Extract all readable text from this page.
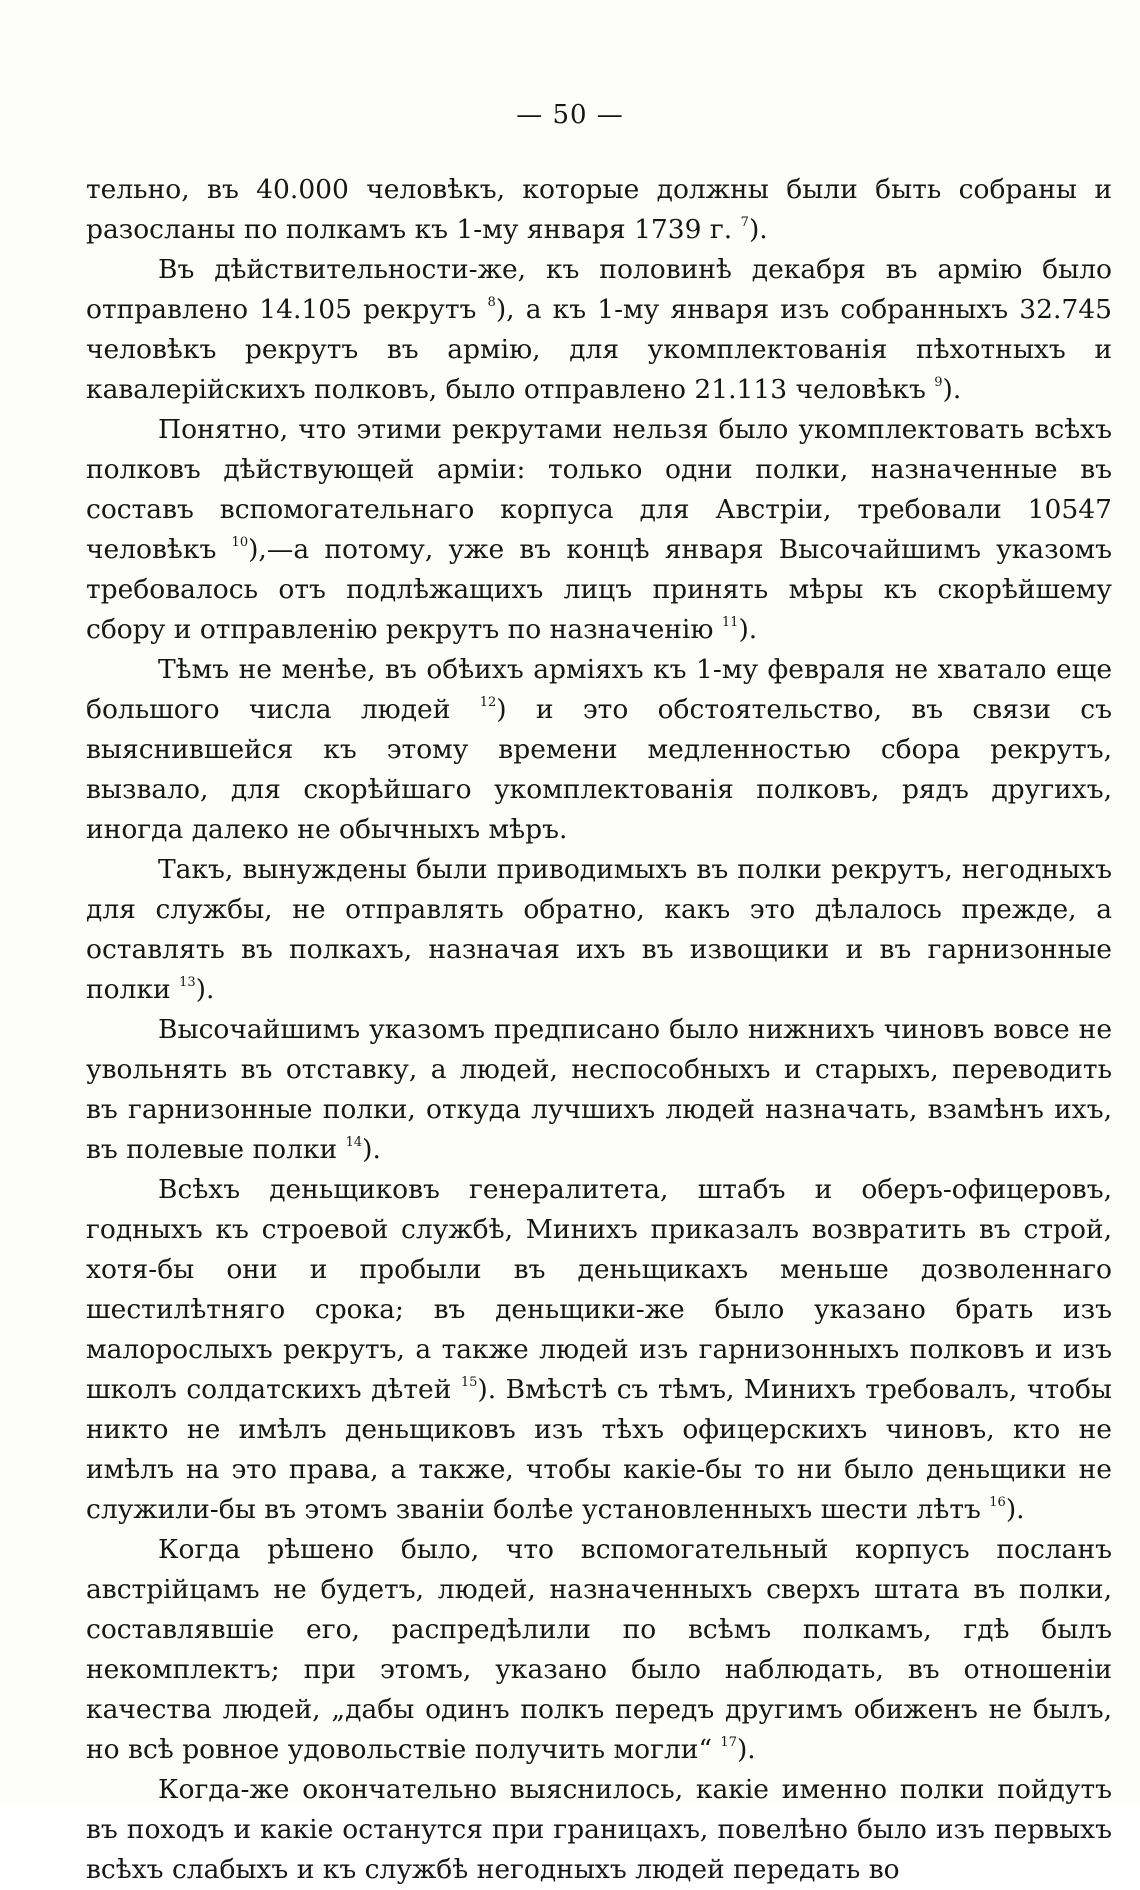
— 50 —

тельно, въ 40.000 человѣкъ, которые должны были быть собраны и разосланы по полкамъ къ 1-му января 1739 г. $^7$).

Въ дѣйствительности-же, къ половинѣ декабря въ армію было отправлено 14.105 рекрутъ $^8$), а къ 1-му января изъ собранныхъ 32.745 человѣкъ рекрутъ въ армію, для укомплектованія пѣхотныхъ и кавалерійскихъ полковъ, было отправлено 21.113 человѣкъ $^9$).

Понятно, что этими рекрутами нельзя было укомплектовать всѣхъ полковъ дѣйствующей арміи: только одни полки, назначенные въ составъ вспомогательнаго корпуса для Австріи, требовали 10547 человѣкъ $^{10}$),—а потому, уже въ концѣ января Высочайшимъ указомъ требовалось отъ подлѣжащихъ лицъ принять мѣры къ скорѣйшему сбору и отправленію рекрутъ по назначенію $^{11}$).

Тѣмъ не менѣе, въ обѣихъ арміяхъ къ 1-му февраля не хватало еще большого числа людей $^{12}$) и это обстоятельство, въ связи съ выяснившейся къ этому времени медленностью сбора рекрутъ, вызвало, для скорѣйшаго укомплектованія полковъ, рядъ другихъ, иногда далеко не обычныхъ мѣръ.

Такъ, вынуждены были приводимыхъ въ полки рекрутъ, негодныхъ для службы, не отправлять обратно, какъ это дѣлалось прежде, а оставлять въ полкахъ, назначая ихъ въ извощики и въ гарнизонные полки $^{13}$).

Высочайшимъ указомъ предписано было нижнихъ чиновъ вовсе не увольнять въ отставку, а людей, неспособныхъ и старыхъ, переводить въ гарнизонные полки, откуда лучшихъ людей назначать, взамѣнъ ихъ, въ полевые полки $^{14}$).

Всѣхъ деньщиковъ генералитета, штабъ и оберъ-офицеровъ, годныхъ къ строевой службѣ, Минихъ приказалъ возвратить въ строй, хотя-бы они и пробыли въ деньщикахъ меньше дозволеннаго шестилѣтняго срока; въ деньщики-же было указано брать изъ малорослыхъ рекрутъ, а также людей изъ гарнизонныхъ полковъ и изъ школъ солдатскихъ дѣтей $^{15}$). Вмѣстѣ съ тѣмъ, Минихъ требовалъ, чтобы никто не имѣлъ деньщиковъ изъ тѣхъ офицерскихъ чиновъ, кто не имѣлъ на это права, а также, чтобы какіе-бы то ни было деньщики не служили-бы въ этомъ званіи болѣе установленныхъ шести лѣтъ $^{16}$).

Когда рѣшено было, что вспомогательный корпусъ посланъ австрійцамъ не будетъ, людей, назначенныхъ сверхъ штата въ полки, составлявшіе его, распредѣлили по всѣмъ полкамъ, гдѣ былъ некомплектъ; при этомъ, указано было наблюдать, въ отношеніи качества людей, „дабы одинъ полкъ передъ другимъ обиженъ не былъ, но всѣ ровное удовольствіе получить могли“ $^{17}$).

Когда-же окончательно выяснилось, какіе именно полки пойдутъ въ походъ и какіе останутся при границахъ, повелѣно было изъ первыхъ всѣхъ слабыхъ и къ службѣ негодныхъ людей передать во
